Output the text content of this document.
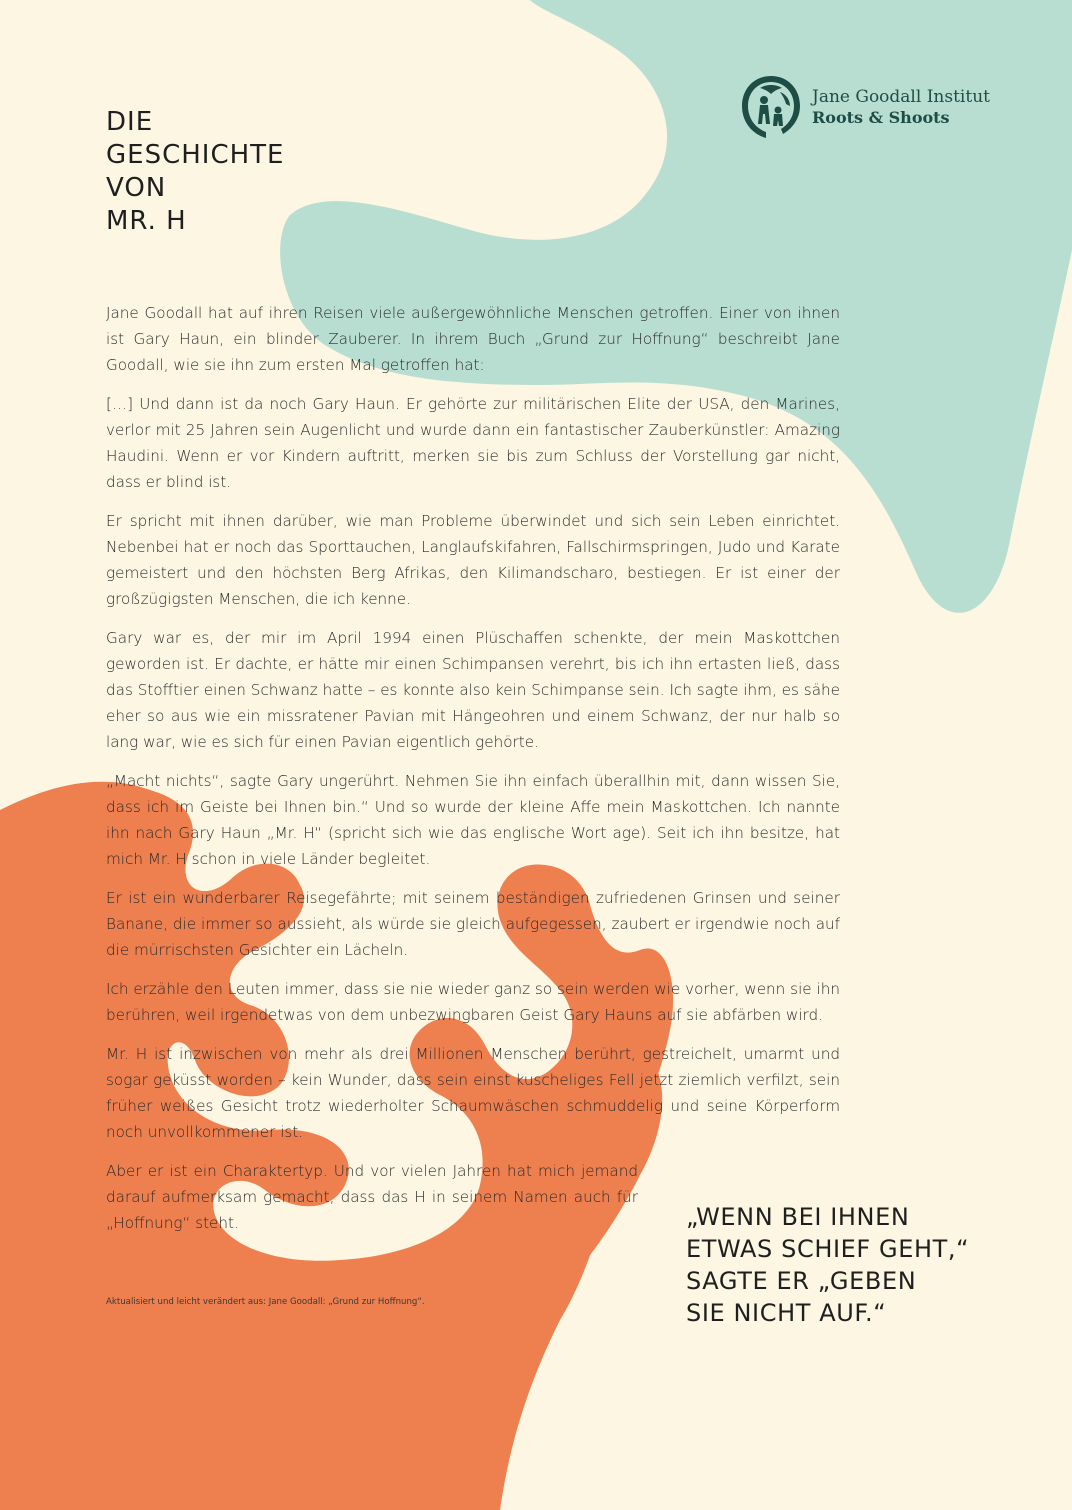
DIE
GESCHICHTE
VON
MR. H
Jane Goodall Institut
Roots & Shoots

Jane Goodall hat auf ihren Reisen viele außergewöhnliche Menschen getroffen. Einer von ihnen ist Gary Haun, ein blinder Zauberer. In ihrem Buch „Grund zur Hoffnung“ beschreibt Jane Goodall, wie sie ihn zum ersten Mal getroffen hat:

[…] Und dann ist da noch Gary Haun. Er gehörte zur militärischen Elite der USA, den Marines, verlor mit 25 Jahren sein Augenlicht und wurde dann ein fantastischer Zauberkünstler: Amazing Haudini. Wenn er vor Kindern auftritt, merken sie bis zum Schluss der Vorstellung gar nicht, dass er blind ist.

Er spricht mit ihnen darüber, wie man Probleme überwindet und sich sein Leben einrichtet. Nebenbei hat er noch das Sporttauchen, Langlaufskifahren, Fallschirmspringen, Judo und Karate gemeistert und den höchsten Berg Afrikas, den Kilimandscharo, bestiegen. Er ist einer der großzügigsten Menschen, die ich kenne.

Gary war es, der mir im April 1994 einen Plüschaffen schenkte, der mein Maskottchen geworden ist. Er dachte, er hätte mir einen Schimpansen verehrt, bis ich ihn ertasten ließ, dass das Stofftier einen Schwanz hatte – es konnte also kein Schimpanse sein. Ich sagte ihm, es sähe eher so aus wie ein missratener Pavian mit Hängeohren und einem Schwanz, der nur halb so lang war, wie es sich für einen Pavian eigentlich gehörte.

„Macht nichts“, sagte Gary ungerührt. Nehmen Sie ihn einfach überallhin mit, dann wissen Sie, dass ich im Geiste bei Ihnen bin.“ Und so wurde der kleine Affe mein Maskottchen. Ich nannte ihn nach Gary Haun „Mr. H“ (spricht sich wie das englische Wort age). Seit ich ihn besitze, hat mich Mr. H schon in viele Länder begleitet.

Er ist ein wunderbarer Reisegefährte; mit seinem beständigen zufriedenen Grinsen und seiner Banane, die immer so aussieht, als würde sie gleich aufgegessen, zaubert er irgendwie noch auf die mürrischsten Gesichter ein Lächeln.

Ich erzähle den Leuten immer, dass sie nie wieder ganz so sein werden wie vorher, wenn sie ihn berühren, weil irgendetwas von dem unbezwingbaren Geist Gary Hauns auf sie abfärben wird.

Mr. H ist inzwischen von mehr als drei Millionen Menschen berührt, gestreichelt, umarmt und sogar geküsst worden – kein Wunder, dass sein einst kuscheliges Fell jetzt ziemlich verfilzt, sein früher weißes Gesicht trotz wiederholter Schaumwäschen schmuddelig und seine Körperform noch unvollkommener ist.

Aber er ist ein Charaktertyp. Und vor vielen Jahren hat mich jemand darauf aufmerksam gemacht, dass das H in seinem Namen auch für „Hoffnung“ steht.

Aktualisiert und leicht verändert aus: Jane Goodall: „Grund zur Hoffnung“.
„WENN BEI IHNEN
ETWAS SCHIEF GEHT,“
SAGTE ER „GEBEN
SIE NICHT AUF.“
